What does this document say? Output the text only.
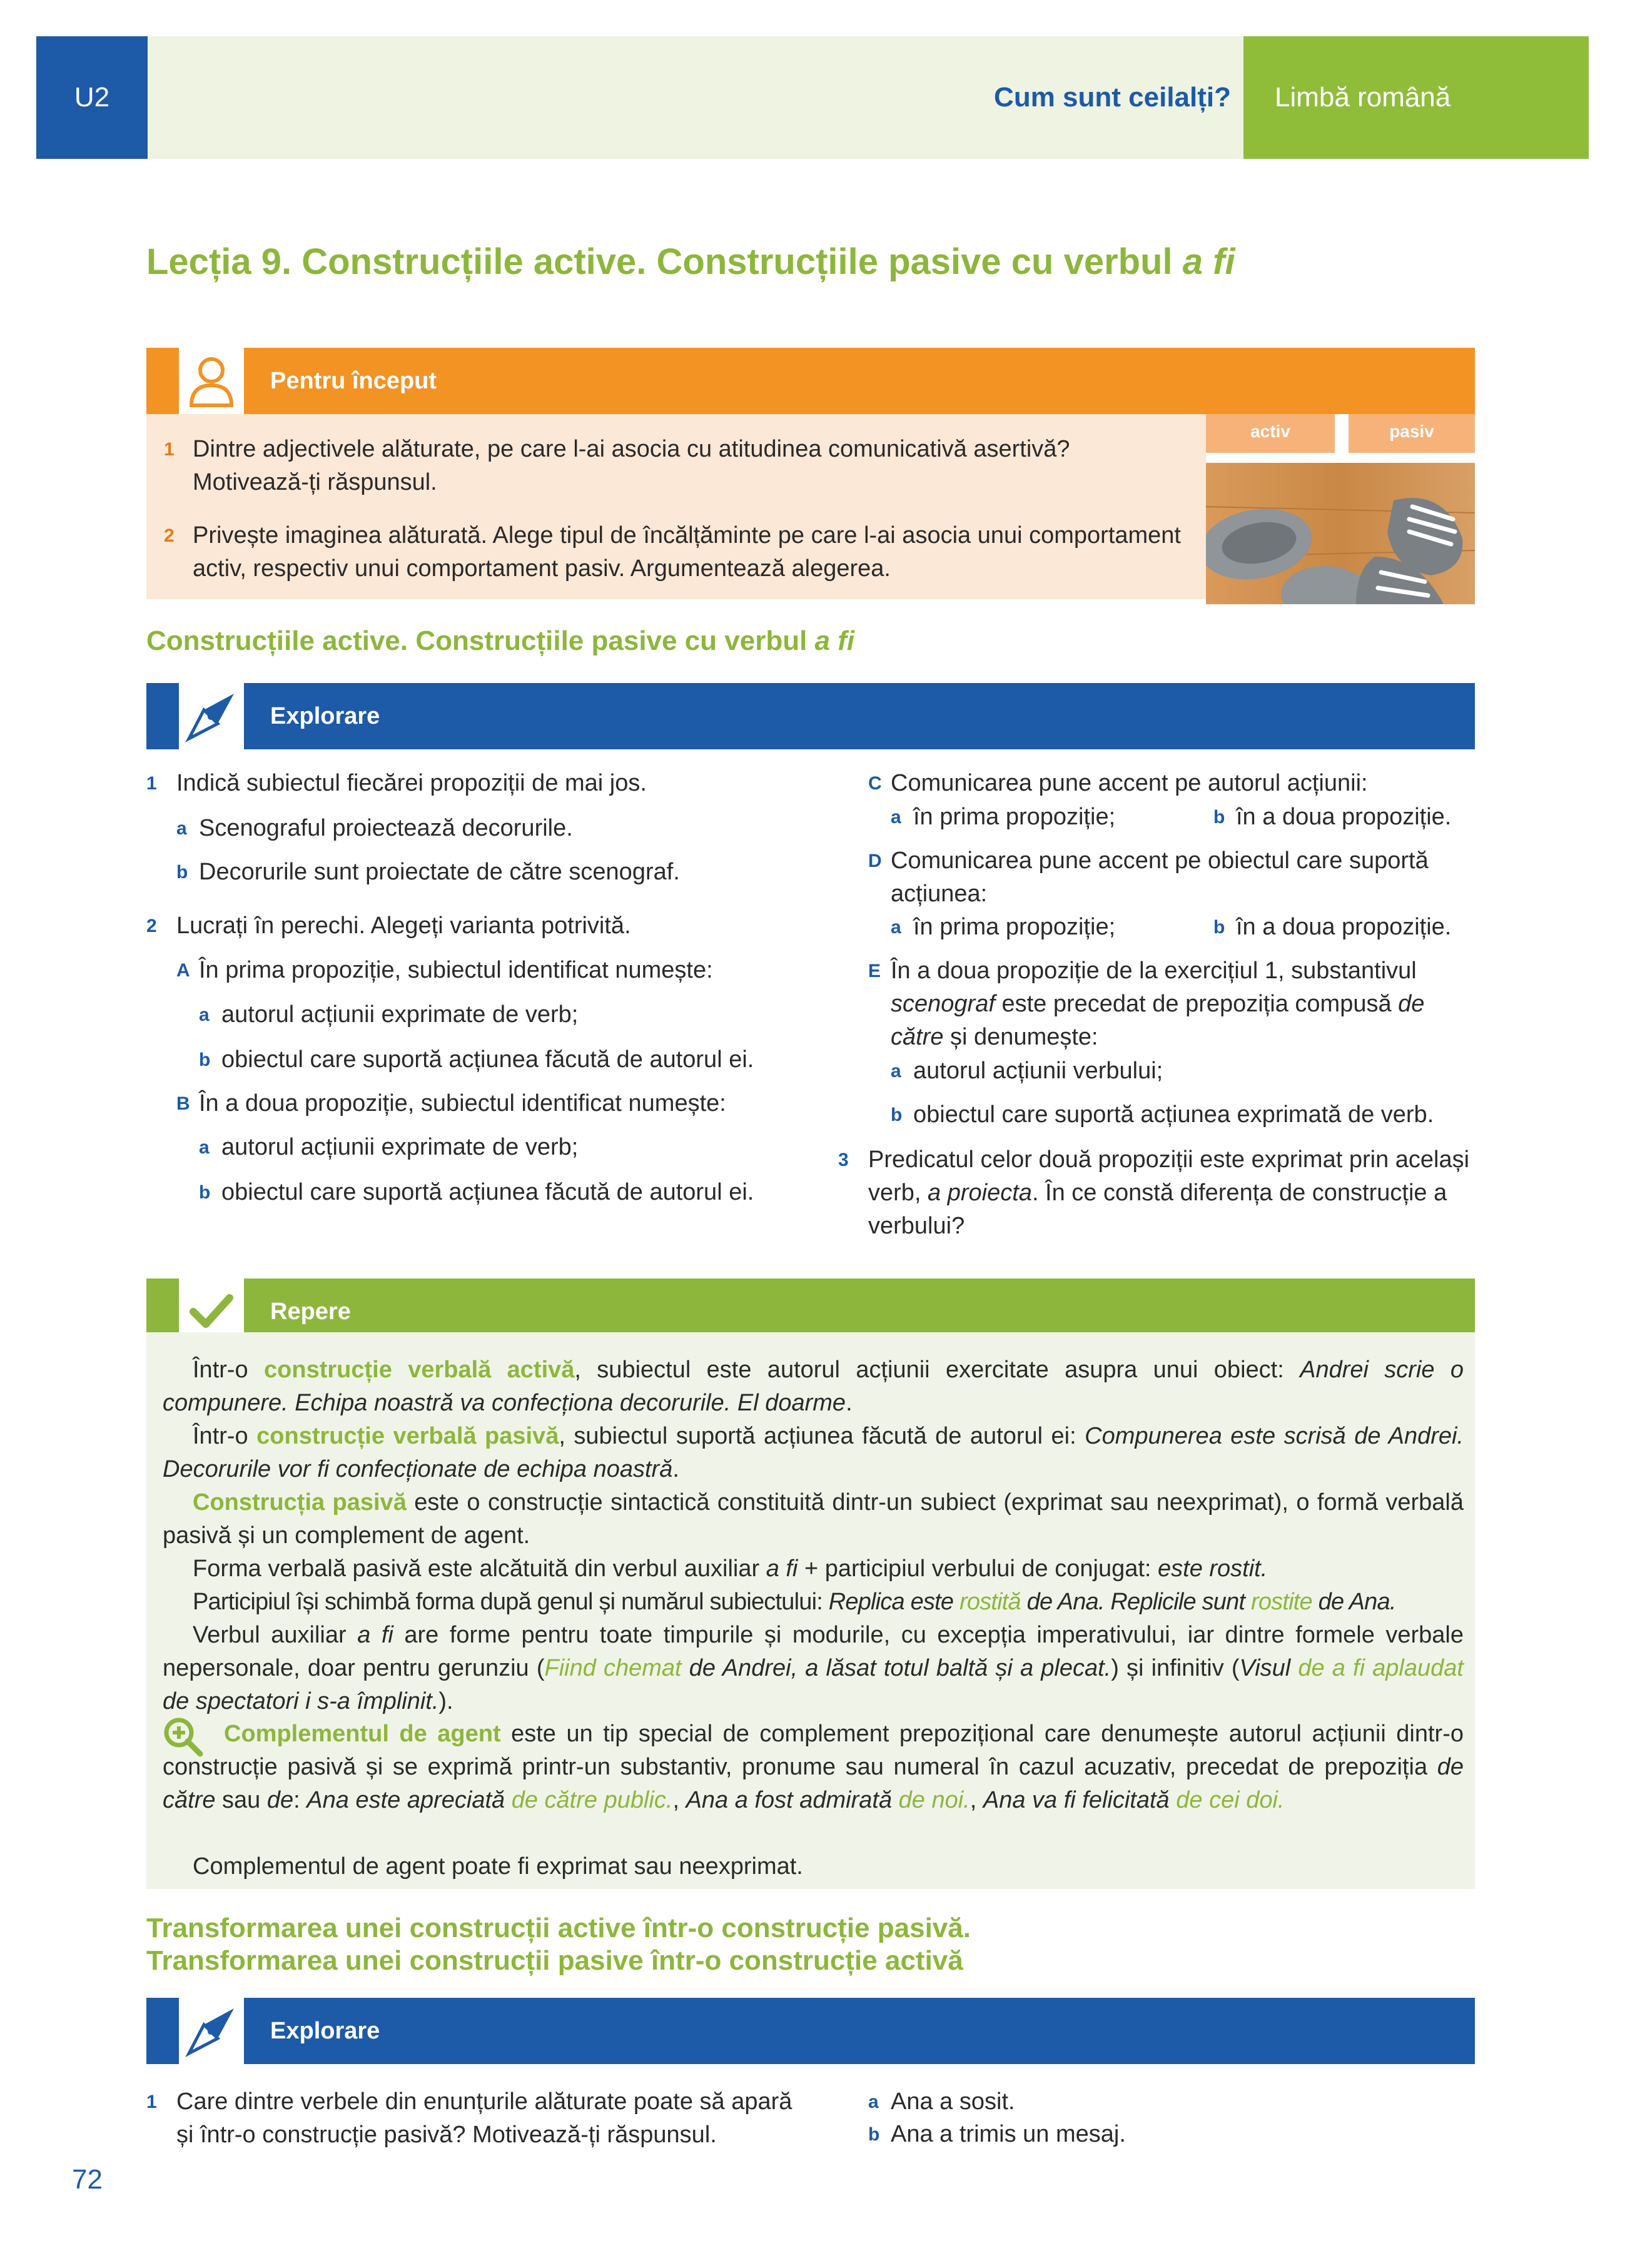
U2	Cum sunt ceilalți?	Limbă română
Lecția 9. Construcțiile active. Construcțiile pasive cu verbul a fi
Pentru început
1 Dintre adjectivele alăturate, pe care l-ai asocia cu atitudinea comunicativă asertivă? Motivează-ți răspunsul.
2 Privește imaginea alăturată. Alege tipul de încălțăminte pe care l-ai asocia unui comportament activ, respectiv unui comportament pasiv. Argumentează alegerea.
activ	pasiv
Construcțiile active. Construcțiile pasive cu verbul a fi
Explorare
1 Indică subiectul fiecărei propoziții de mai jos.
a Scenograful proiectează decorurile.
b Decorurile sunt proiectate de către scenograf.
2 Lucrați în perechi. Alegeți varianta potrivită.
A În prima propoziție, subiectul identificat numește:
a autorul acțiunii exprimate de verb;
b obiectul care suportă acțiunea făcută de autorul ei.
B În a doua propoziție, subiectul identificat numește:
a autorul acțiunii exprimate de verb;
b obiectul care suportă acțiunea făcută de autorul ei.
C Comunicarea pune accent pe autorul acțiunii:
a în prima propoziție;	b în a doua propoziție.
D Comunicarea pune accent pe obiectul care suportă acțiunea:
a în prima propoziție;	b în a doua propoziție.
E În a doua propoziție de la exercițiul 1, substantivul scenograf este precedat de prepoziția compusă de către și denumește:
a autorul acțiunii verbului;
b obiectul care suportă acțiunea exprimată de verb.
3 Predicatul celor două propoziții este exprimat prin același verb, a proiecta. În ce constă diferența de construcție a verbului?
Repere
Într-o construcție verbală activă, subiectul este autorul acțiunii exercitate asupra unui obiect: Andrei scrie o compunere. Echipa noastră va confecționa decorurile. El doarme.
Într-o construcție verbală pasivă, subiectul suportă acțiunea făcută de autorul ei: Compunerea este scrisă de Andrei. Decorurile vor fi confecționate de echipa noastră.
Construcția pasivă este o construcție sintactică constituită dintr-un subiect (exprimat sau neexprimat), o formă verbală pasivă și un complement de agent.
Forma verbală pasivă este alcătuită din verbul auxiliar a fi + participiul verbului de conjugat: este rostit.
Participiul își schimbă forma după genul și numărul subiectului: Replica este rostită de Ana. Replicile sunt rostite de Ana.
Verbul auxiliar a fi are forme pentru toate timpurile și modurile, cu excepția imperativului, iar dintre formele verbale nepersonale, doar pentru gerunziu (Fiind chemat de Andrei, a lăsat totul baltă și a plecat.) și infinitiv (Visul de a fi aplaudat de spectatori i s-a împlinit.).
Complementul de agent este un tip special de complement prepozițional care denumește autorul acțiunii dintr-o construcție pasivă și se exprimă printr-un substantiv, pronume sau numeral în cazul acuzativ, precedat de prepoziția de către sau de: Ana este apreciată de către public., Ana a fost admirată de noi., Ana va fi felicitată de cei doi.
Complementul de agent poate fi exprimat sau neexprimat.
Transformarea unei construcții active într-o construcție pasivă.
Transformarea unei construcții pasive într-o construcție activă
Explorare
1 Care dintre verbele din enunțurile alăturate poate să apară și într-o construcție pasivă? Motivează-ți răspunsul.
a Ana a sosit.
b Ana a trimis un mesaj.
72
